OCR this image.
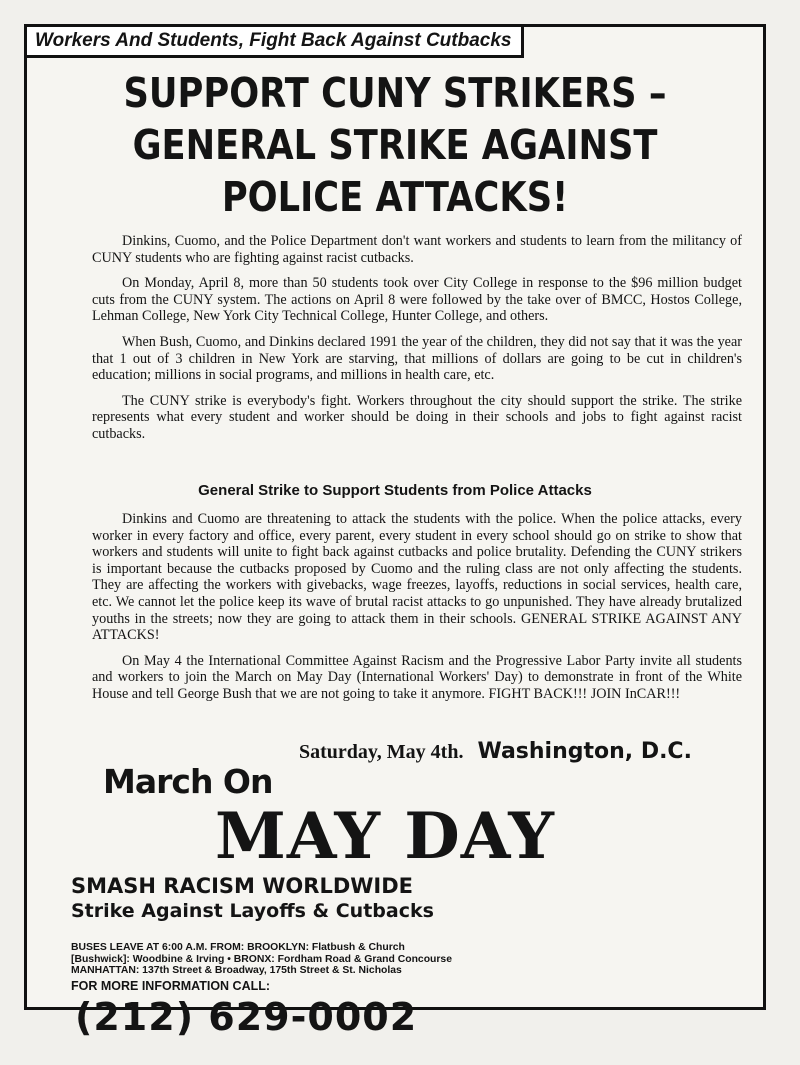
Workers And Students, Fight Back Against Cutbacks
SUPPORT CUNY STRIKERS –
GENERAL STRIKE AGAINST
POLICE ATTACKS!

Dinkins, Cuomo, and the Police Department don't want workers and students to learn from the militancy of CUNY students who are fighting against racist cutbacks.

On Monday, April 8, more than 50 students took over City College in response to the $96 million budget cuts from the CUNY system. The actions on April 8 were followed by the take over of BMCC, Hostos College, Lehman College, New York City Technical College, Hunter College, and others.

When Bush, Cuomo, and Dinkins declared 1991 the year of the children, they did not say that it was the year that 1 out of 3 children in New York are starving, that millions of dollars are going to be cut in children's education; millions in social programs, and millions in health care, etc.

The CUNY strike is everybody's fight. Workers throughout the city should support the strike. The strike represents what every student and worker should be doing in their schools and jobs to fight against racist cutbacks.

General Strike to Support Students from Police Attacks

Dinkins and Cuomo are threatening to attack the students with the police. When the police attacks, every worker in every factory and office, every parent, every student in every school should go on strike to show that workers and students will unite to fight back against cutbacks and police brutality. Defending the CUNY strikers is important because the cutbacks proposed by Cuomo and the ruling class are not only affecting the students. They are affecting the workers with givebacks, wage freezes, layoffs, reductions in social services, health care, etc. We cannot let the police keep its wave of brutal racist attacks to go unpunished. They have already brutalized youths in the streets; now they are going to attack them in their schools. GENERAL STRIKE AGAINST ANY ATTACKS!

On May 4 the International Committee Against Racism and the Progressive Labor Party invite all students and workers to join the March on May Day (International Workers' Day) to demonstrate in front of the White House and tell George Bush that we are not going to take it anymore. FIGHT BACK!!! JOIN InCAR!!!

Saturday, May 4th. Washington, D.C.
March On
MAY DAY
SMASH RACISM WORLDWIDE
Strike Against Layoffs & Cutbacks
BUSES LEAVE AT 6:00 A.M. FROM: BROOKLYN: Flatbush & Church
[Bushwick]: Woodbine & Irving • BRONX: Fordham Road & Grand Concourse
MANHATTAN: 137th Street & Broadway, 175th Street & St. Nicholas
FOR MORE INFORMATION CALL:
(212) 629-0002
